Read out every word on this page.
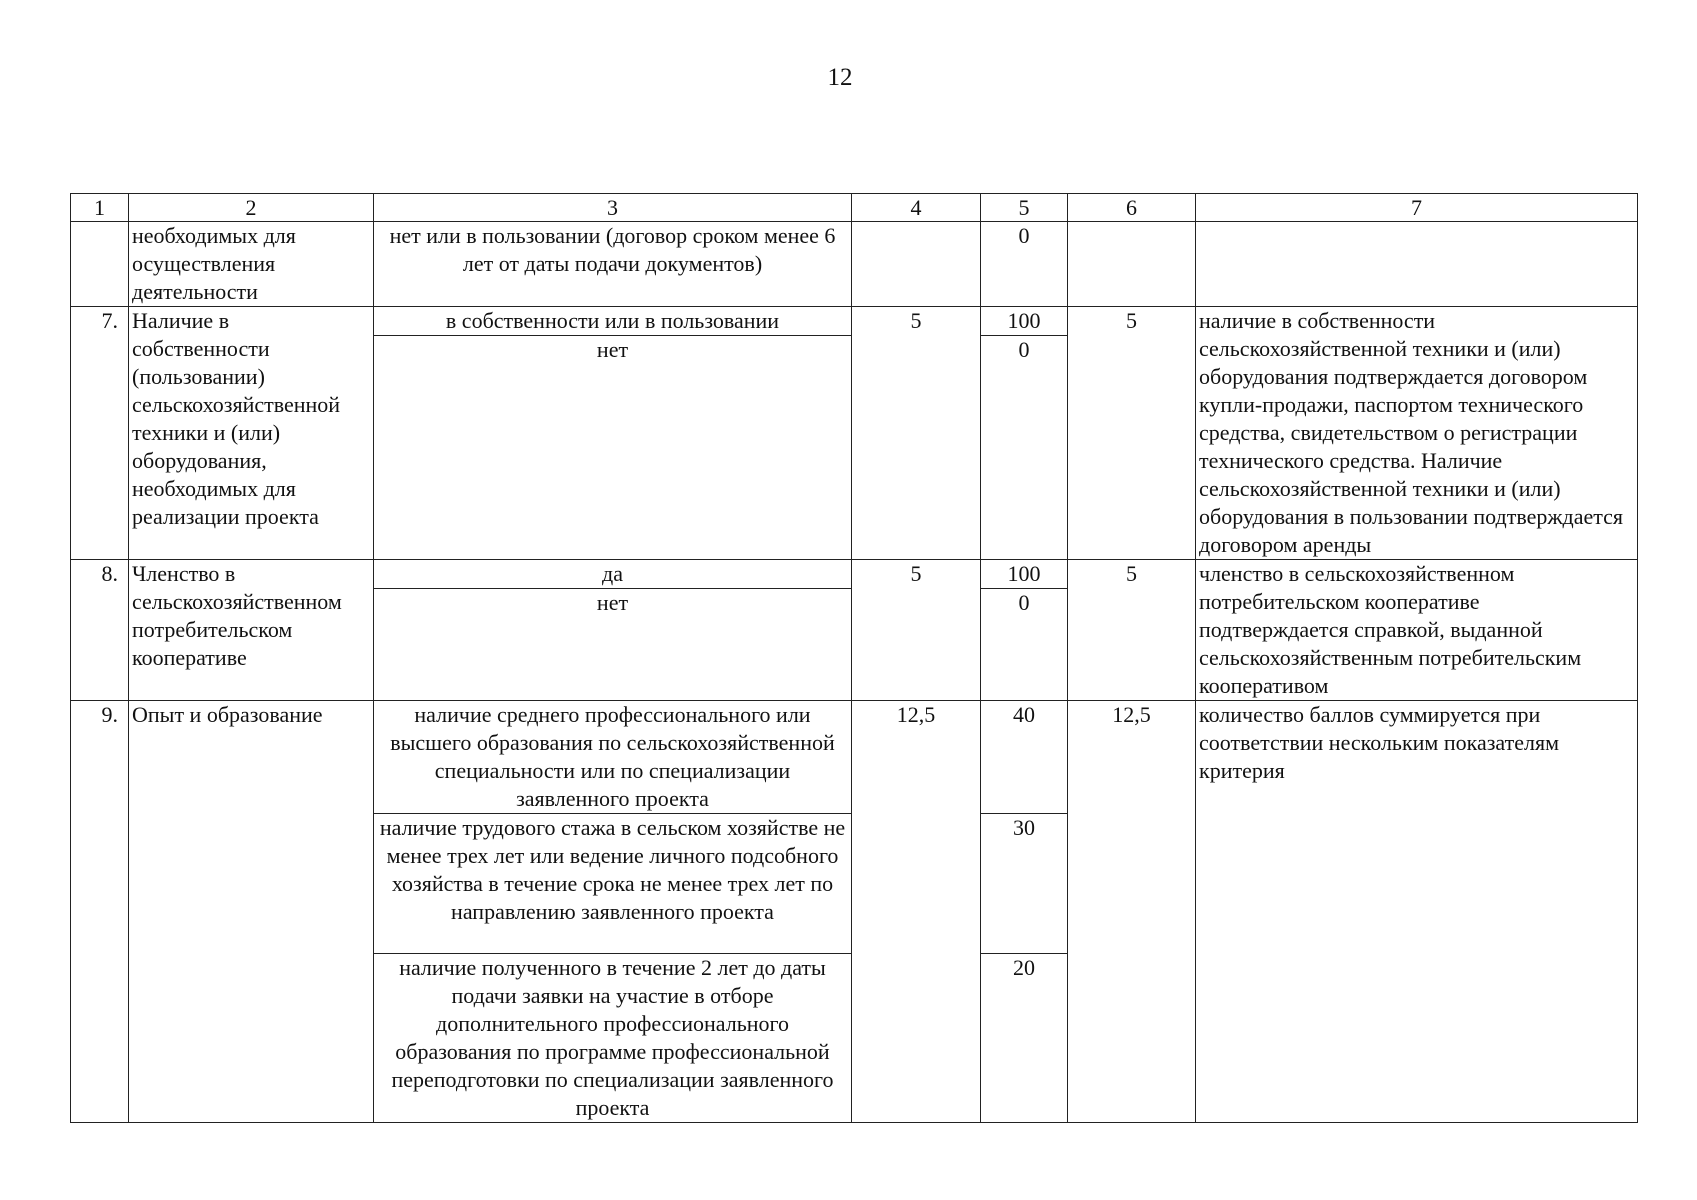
12
1	2	3	4	5	6	7
	необходимых для осуществления деятельности	нет или в пользовании (договор сроком менее 6 лет от даты подачи документов)		0		
7.	Наличие в собственности (пользовании) сельскохозяйственной техники и (или) оборудования, необходимых для реализации проекта	в собственности или в пользовании	5	100	5	наличие в собственности сельскохозяйственной техники и (или) оборудования подтверждается договором купли-продажи, паспортом технического средства, свидетельством о регистрации технического средства. Наличие сельскохозяйственной техники и (или) оборудования в пользовании подтверждается договором аренды
		нет		0		
8.	Членство в сельскохозяйственном потребительском кооперативе	да	5	100	5	членство в сельскохозяйственном потребительском кооперативе подтверждается справкой, выданной сельскохозяйственным потребительским кооперативом
		нет		0		
9.	Опыт и образование	наличие среднего профессионального или высшего образования по сельскохозяйственной специальности или по специализации заявленного проекта	12,5	40	12,5	количество баллов суммируется при соответствии нескольким показателям критерия
		наличие трудового стажа в сельском хозяйстве не менее трех лет или ведение личного подсобного хозяйства в течение срока не менее трех лет по направлению заявленного проекта		30		
		наличие полученного в течение 2 лет до даты подачи заявки на участие в отборе дополнительного профессионального образования по программе профессиональной переподготовки по специализации заявленного проекта		20		
